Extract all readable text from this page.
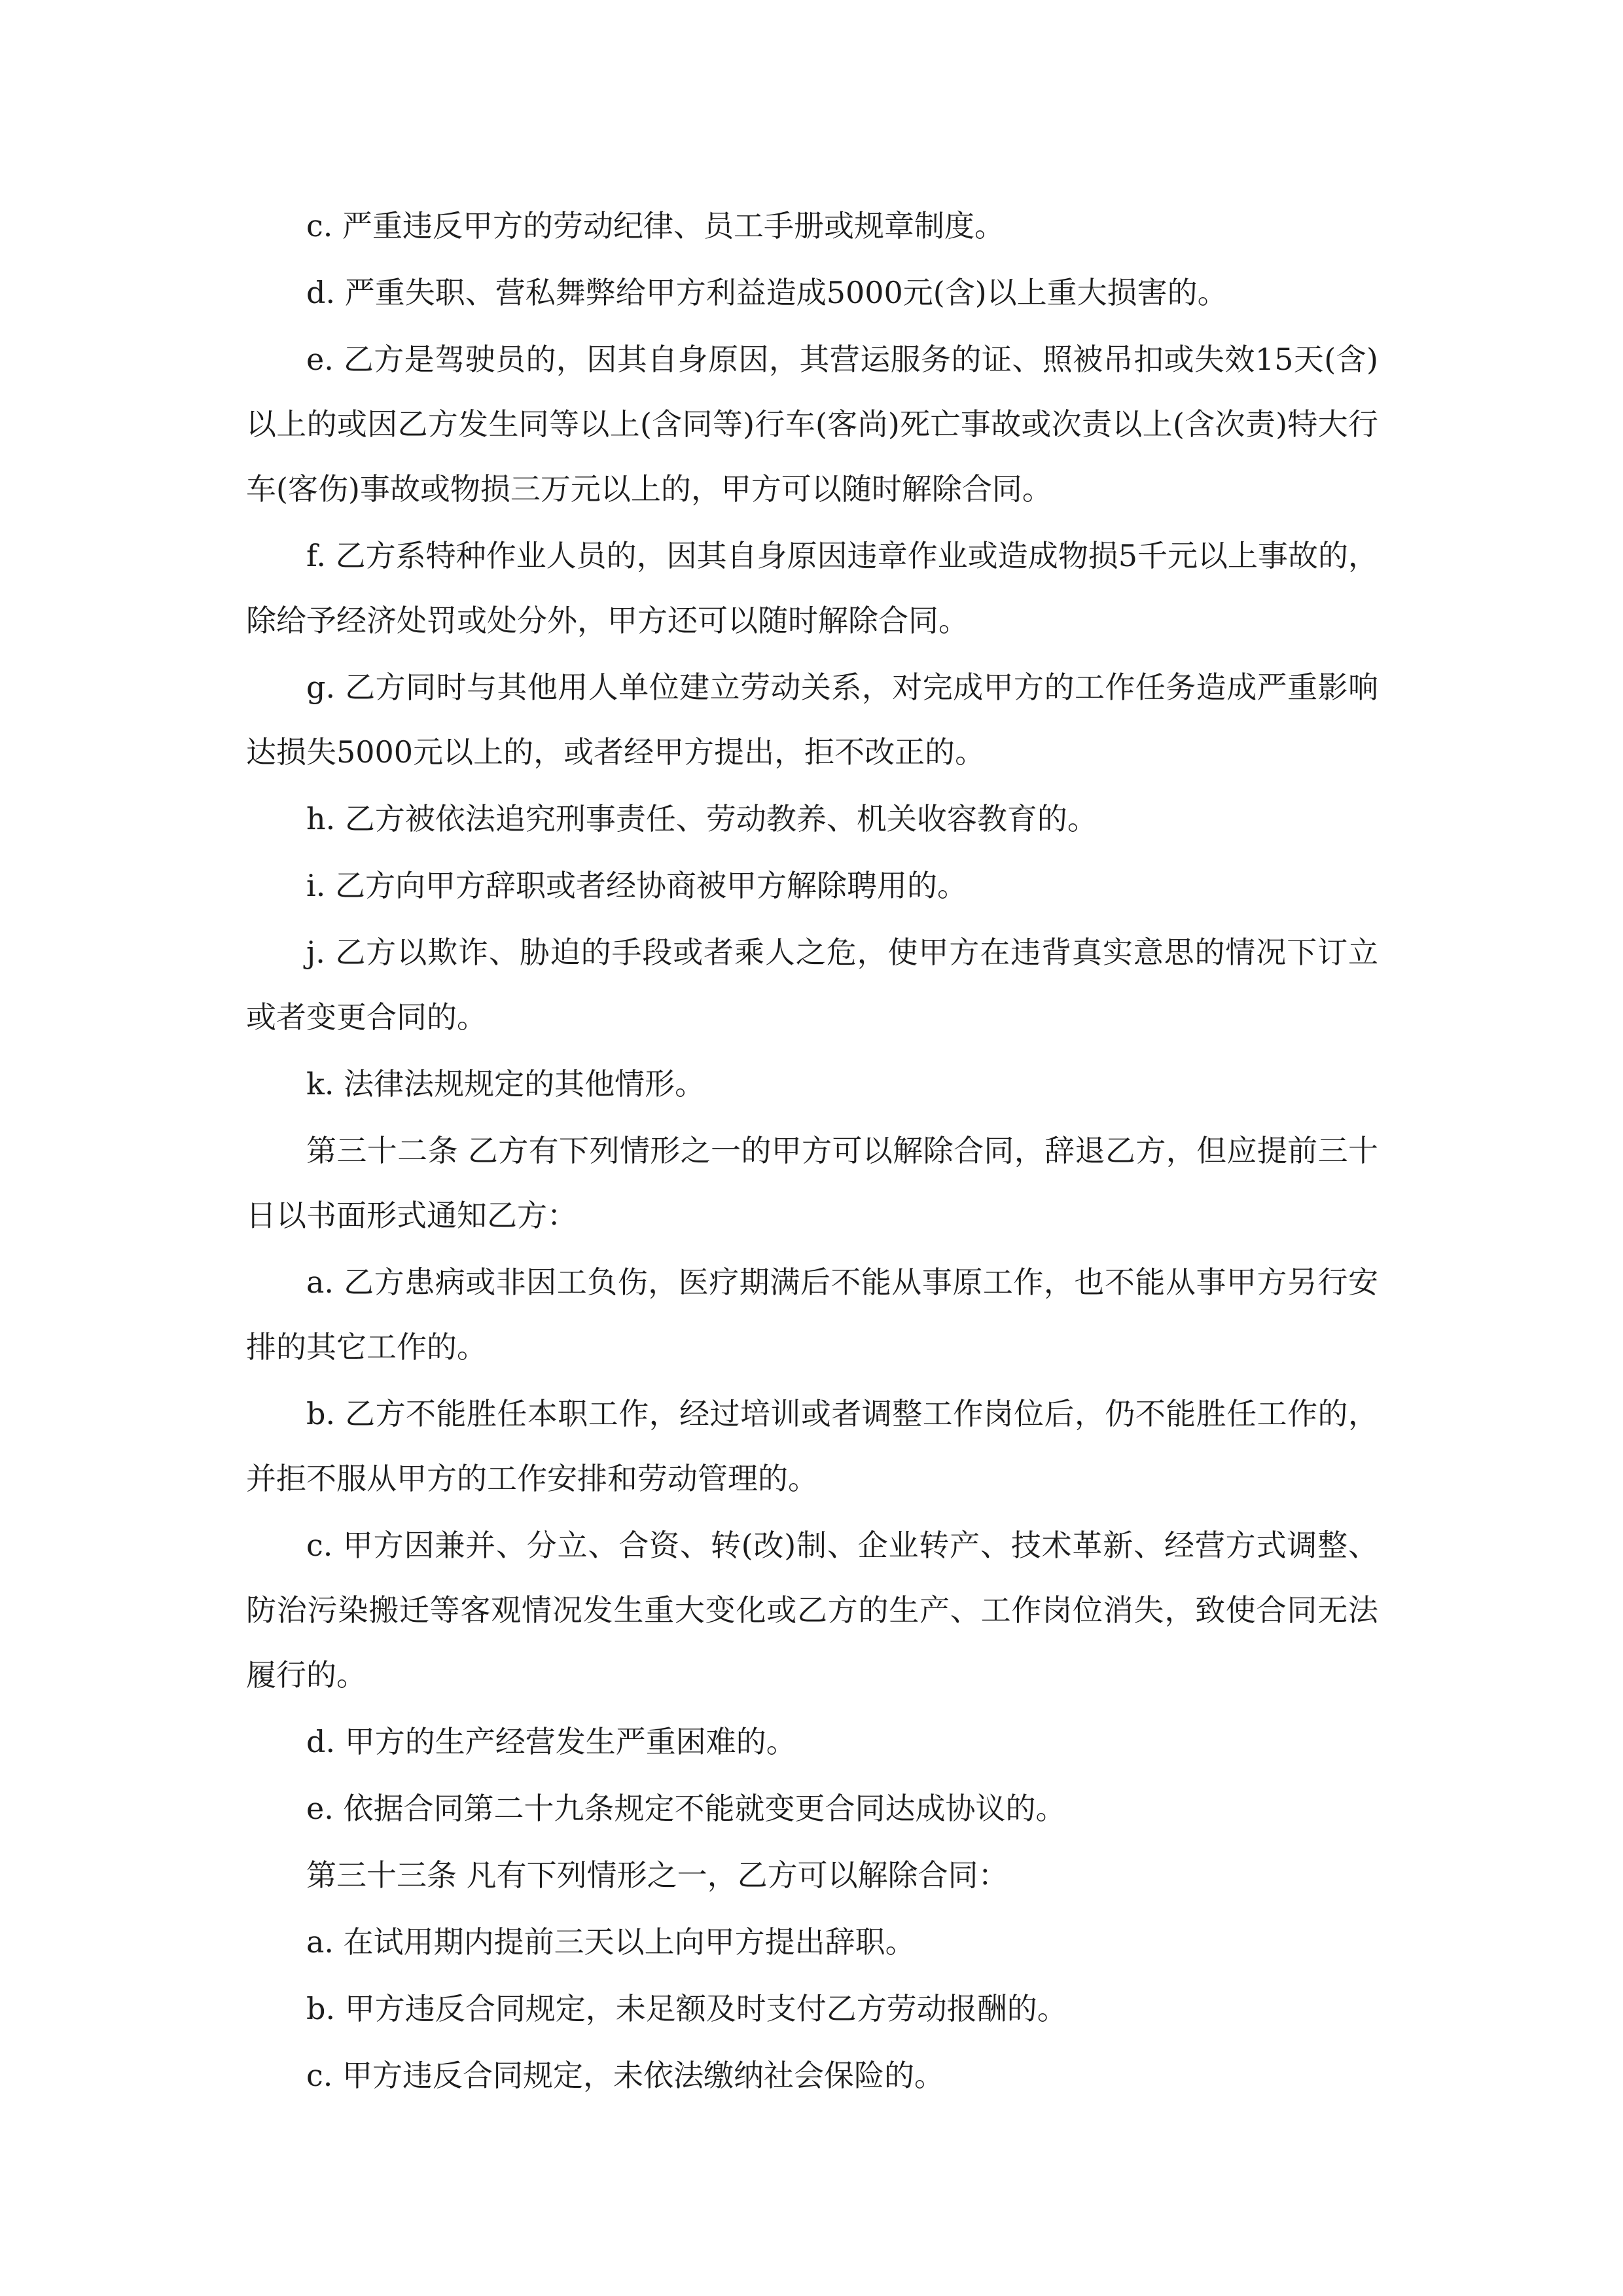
c. 严重违反甲方的劳动纪律、员工手册或规章制度。

d. 严重失职、营私舞弊给甲方利益造成5000元(含)以上重大损害的。

e. 乙方是驾驶员的，因其自身原因，其营运服务的证、照被吊扣或失效15天(含)以上的或因乙方发生同等以上(含同等)行车(客尚)死亡事故或次责以上(含次责)特大行车(客伤)事故或物损三万元以上的，甲方可以随时解除合同。

f. 乙方系特种作业人员的，因其自身原因违章作业或造成物损5千元以上事故的，除给予经济处罚或处分外，甲方还可以随时解除合同。

g. 乙方同时与其他用人单位建立劳动关系，对完成甲方的工作任务造成严重影响达损失5000元以上的，或者经甲方提出，拒不改正的。

h. 乙方被依法追究刑事责任、劳动教养、机关收容教育的。

i. 乙方向甲方辞职或者经协商被甲方解除聘用的。

j. 乙方以欺诈、胁迫的手段或者乘人之危，使甲方在违背真实意思的情况下订立或者变更合同的。

k. 法律法规规定的其他情形。

第三十二条 乙方有下列情形之一的甲方可以解除合同，辞退乙方，但应提前三十日以书面形式通知乙方：

a. 乙方患病或非因工负伤，医疗期满后不能从事原工作，也不能从事甲方另行安排的其它工作的。

b. 乙方不能胜任本职工作，经过培训或者调整工作岗位后，仍不能胜任工作的，并拒不服从甲方的工作安排和劳动管理的。

c. 甲方因兼并、分立、合资、转(改)制、企业转产、技术革新、经营方式调整、防治污染搬迁等客观情况发生重大变化或乙方的生产、工作岗位消失，致使合同无法履行的。

d. 甲方的生产经营发生严重困难的。

e. 依据合同第二十九条规定不能就变更合同达成协议的。

第三十三条 凡有下列情形之一，乙方可以解除合同：

a. 在试用期内提前三天以上向甲方提出辞职。

b. 甲方违反合同规定，未足额及时支付乙方劳动报酬的。

c. 甲方违反合同规定，未依法缴纳社会保险的。
